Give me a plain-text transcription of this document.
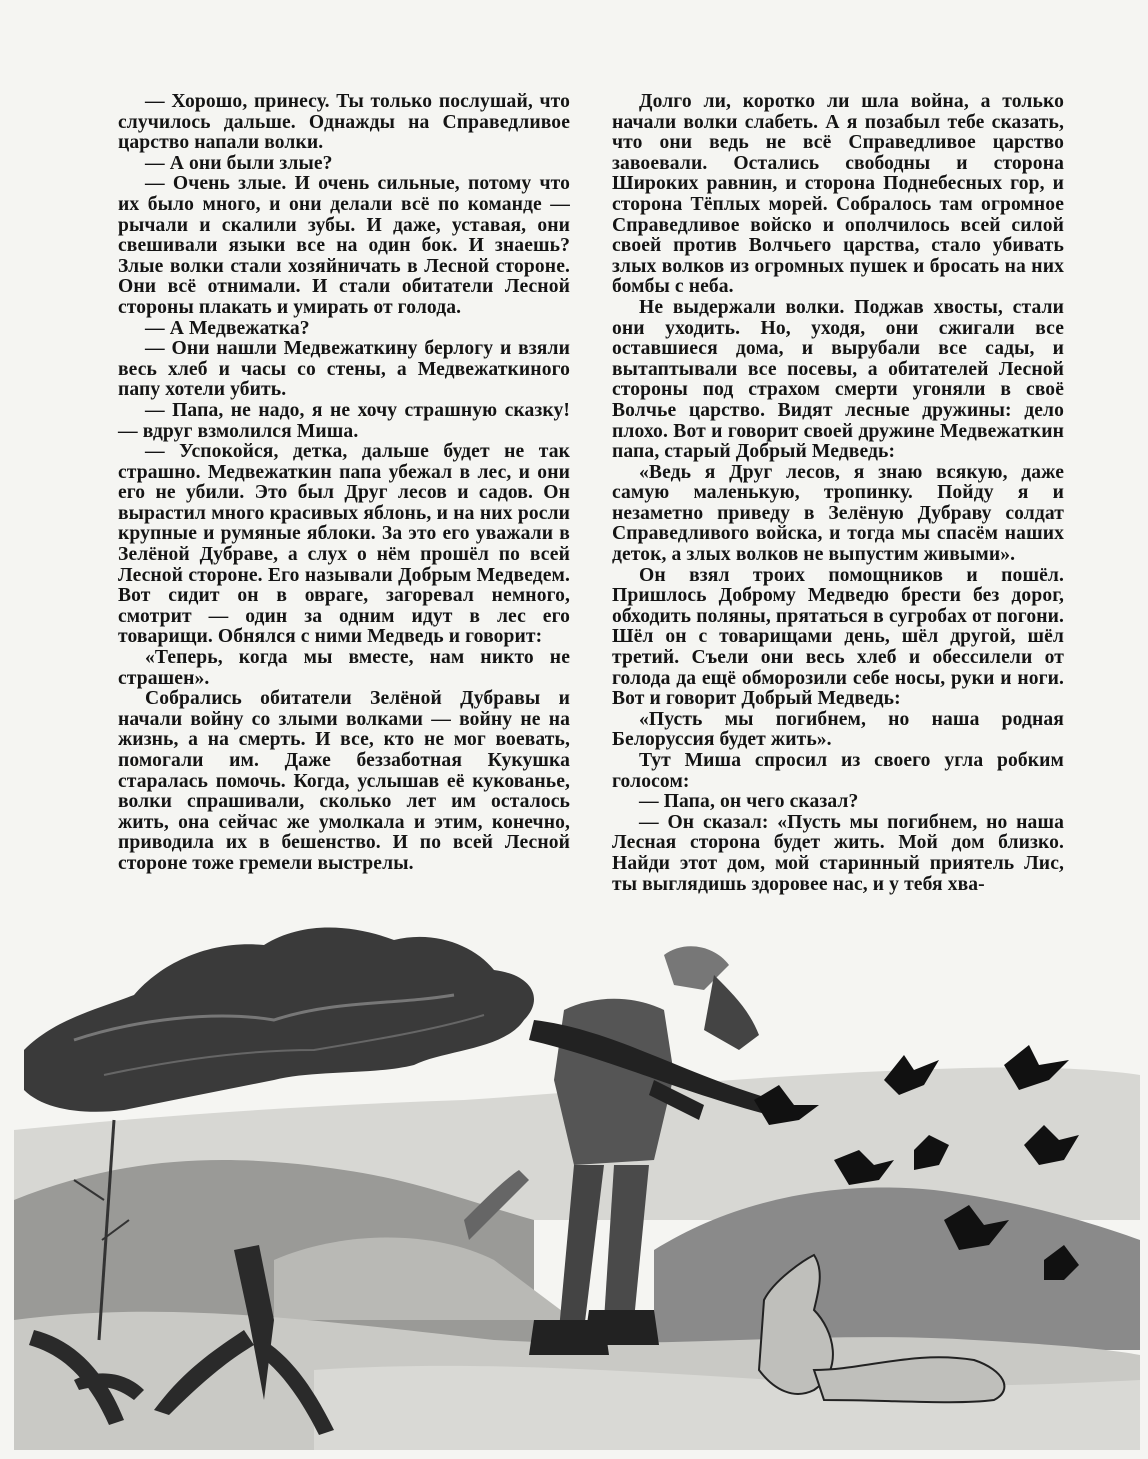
— Хорошо, принесу. Ты только послушай, что случилось дальше. Однажды на Справедливое царство напали волки.

— А они были злые?

— Очень злые. И очень сильные, потому что их было много, и они делали всё по команде — рычали и скалили зубы. И даже, уставая, они свешивали языки все на один бок. И знаешь? Злые волки стали хозяйничать в Лесной стороне. Они всё отнимали. И стали обитатели Лесной стороны плакать и умирать от голода.

— А Медвежатка?

— Они нашли Медвежаткину берлогу и взяли весь хлеб и часы со стены, а Медвежаткиного папу хотели убить.

— Папа, не надо, я не хочу страшную сказку! — вдруг взмолился Миша.

— Успокойся, детка, дальше будет не так страшно. Медвежаткин папа убежал в лес, и они его не убили. Это был Друг лесов и садов. Он вырастил много красивых яблонь, и на них росли крупные и румяные яблоки. За это его уважали в Зелёной Дубраве, а слух о нём прошёл по всей Лесной стороне. Его называли Добрым Медведем. Вот сидит он в овраге, загоревал немного, смотрит — один за одним идут в лес его товарищи. Обнялся с ними Медведь и говорит:

«Теперь, когда мы вместе, нам никто не страшен».

Собрались обитатели Зелёной Дубравы и начали войну со злыми волками — войну не на жизнь, а на смерть. И все, кто не мог воевать, помогали им. Даже беззаботная Кукушка старалась помочь. Когда, услышав её кукованье, волки спрашивали, сколько лет им осталось жить, она сейчас же умолкала и этим, конечно, приводила их в бешенство. И по всей Лесной стороне тоже гремели выстрелы.

Долго ли, коротко ли шла война, а только начали волки слабеть. А я позабыл тебе сказать, что они ведь не всё Справедливое царство завоевали. Остались свободны и сторона Широких равнин, и сторона Поднебесных гор, и сторона Тёплых морей. Собралось там огромное Справедливое войско и ополчилось всей силой своей против Волчьего царства, стало убивать злых волков из огромных пушек и бросать на них бомбы с неба.

Не выдержали волки. Поджав хвосты, стали они уходить. Но, уходя, они сжигали все оставшиеся дома, и вырубали все сады, и вытаптывали все посевы, а обитателей Лесной стороны под страхом смерти угоняли в своё Волчье царство. Видят лесные дружины: дело плохо. Вот и говорит своей дружине Медвежаткин папа, старый Добрый Медведь:

«Ведь я Друг лесов, я знаю всякую, даже самую маленькую, тропинку. Пойду я и незаметно приведу в Зелёную Дубраву солдат Справедливого войска, и тогда мы спасём наших деток, а злых волков не выпустим живыми».

Он взял троих помощников и пошёл. Пришлось Доброму Медведю брести без дорог, обходить поляны, прятаться в сугробах от погони. Шёл он с товарищами день, шёл другой, шёл третий. Съели они весь хлеб и обессилели от голода да ещё обморозили себе носы, руки и ноги. Вот и говорит Добрый Медведь:

«Пусть мы погибнем, но наша родная Белоруссия будет жить».

Тут Миша спросил из своего угла робким голосом:

— Папа, он чего сказал?

— Он сказал: «Пусть мы погибнем, но наша Лесная сторона будет жить. Мой дом близко. Найди этот дом, мой старинный приятель Лис, ты выглядишь здоровее нас, и у тебя хва-
